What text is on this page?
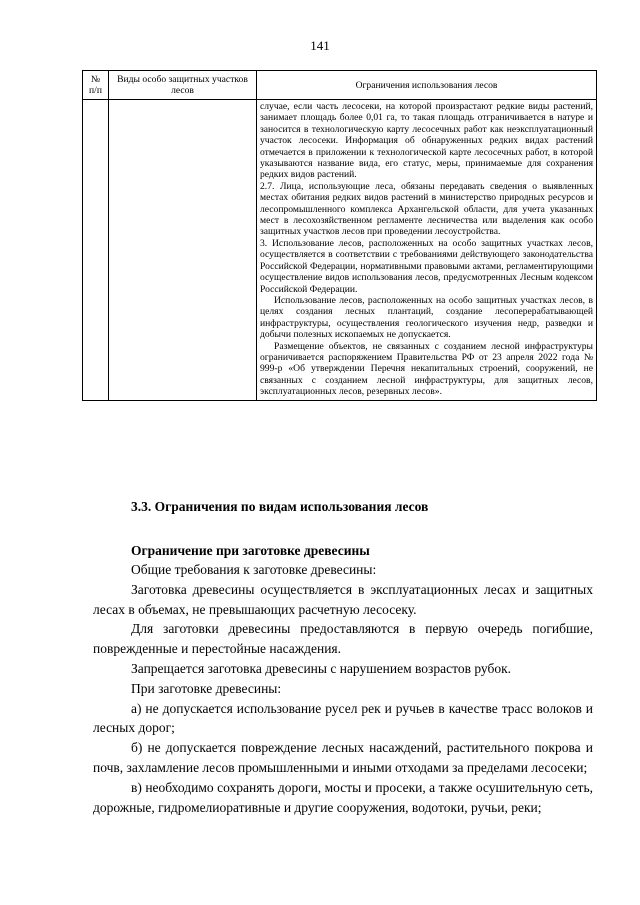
141
№ п/п	Виды особо защитных участков лесов	Ограничения использования лесов

		случае, если часть лесосеки, на которой произрастают редкие виды растений, занимает площадь более 0,01 га, то такая площадь отграничивается в натуре и заносится в технологическую карту лесосечных работ как неэксплуатационный участок лесосеки. Информация об обнаруженных редких видах растений отмечается в приложении к технологической карте лесосечных работ, в которой указываются название вида, его статус, меры, принимаемые для сохранения редких видов растений.

2.7. Лица, использующие леса, обязаны передавать сведения о выявленных местах обитания редких видов растений в министерство природных ресурсов и лесопромышленного комплекса Архангельской области, для учета указанных мест в лесохозяйственном регламенте лесничества или выделения как особо защитных участков лесов при проведении лесоустройства.

3. Использование лесов, расположенных на особо защитных участках лесов, осуществляется в соответствии с требованиями действующего законодательства Российской Федерации, нормативными правовыми актами, регламентирующими осуществление видов использования лесов, предусмотренных Лесным кодексом Российской Федерации.

Использование лесов, расположенных на особо защитных участках лесов, в целях создания лесных плантаций, создание лесоперерабатывающей инфраструктуры, осуществления геологического изучения недр, разведки и добычи полезных ископаемых не допускается.

Размещение объектов, не связанных с созданием лесной инфраструктуры ограничивается распоряжением Правительства РФ от 23 апреля 2022 года № 999-р «Об утверждении Перечня некапитальных строений, сооружений, не связанных с созданием лесной инфраструктуры, для защитных лесов, эксплуатационных лесов, резервных лесов».

3.3. Ограничения по видам использования лесов
Ограничение при заготовке древесины

Общие требования к заготовке древесины:

Заготовка древесины осуществляется в эксплуатационных лесах и защитных лесах в объемах, не превышающих расчетную лесосеку.

Для заготовки древесины предоставляются в первую очередь погибшие, поврежденные и перестойные насаждения.

Запрещается заготовка древесины с нарушением возрастов рубок.

При заготовке древесины:

а) не допускается использование русел рек и ручьев в качестве трасс волоков и лесных дорог;

б) не допускается повреждение лесных насаждений, растительного покрова и почв, захламление лесов промышленными и иными отходами за пределами лесосеки;

в) необходимо сохранять дороги, мосты и просеки, а также осушительную сеть, дорожные, гидромелиоративные и другие сооружения, водотоки, ручьи, реки;
